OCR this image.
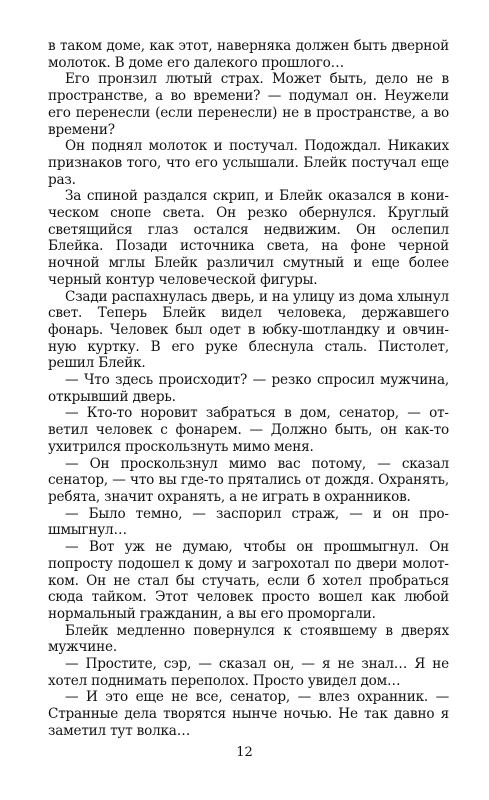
в таком доме, как этот, наверняка должен быть дверной молоток. В доме его далекого прошлого…

Его пронзил лютый страх. Может быть, дело не в пространстве, а во времени? — подумал он. Неужели его перенесли (если перенесли) не в пространстве, а во времени?

Он поднял молоток и постучал. Подождал. Никаких признаков того, что его услышали. Блейк постучал еще раз.

За спиной раздался скрип, и Блейк оказался в коническом снопе света. Он резко обернулся. Круглый светящийся глаз остался недвижим. Он ослепил Блейка. Позади источника света, на фоне черной ночной мглы Блейк различил смутный и еще более черный контур человеческой фигуры.

Сзади распахнулась дверь, и на улицу из дома хлынул свет. Теперь Блейк видел человека, державшего фонарь. Человек был одет в юбку-шотландку и овчинную куртку. В его руке блеснула сталь. Пистолет, решил Блейк.

— Что здесь происходит? — резко спросил мужчина, открывший дверь.

— Кто-то норовит забраться в дом, сенатор, — ответил человек с фонарем. — Должно быть, он как-то ухитрился проскользнуть мимо меня.

— Он проскользнул мимо вас потому, — сказал сенатор, — что вы где-то прятались от дождя. Охранять, ребята, значит охранять, а не играть в охранников.

— Было темно, — заспорил страж, — и он прошмыгнул…

— Вот уж не думаю, чтобы он прошмыгнул. Он попросту подошел к дому и загрохотал по двери молотком. Он не стал бы стучать, если б хотел пробраться сюда тайком. Этот человек просто вошел как любой нормальный гражданин, а вы его проморгали.

Блейк медленно повернулся к стоявшему в дверях мужчине.

— Простите, сэр, — сказал он, — я не знал… Я не хотел поднимать переполох. Просто увидел дом…

— И это еще не все, сенатор, — влез охранник. — Странные дела творятся нынче ночью. Не так давно я заметил тут волка…

12
